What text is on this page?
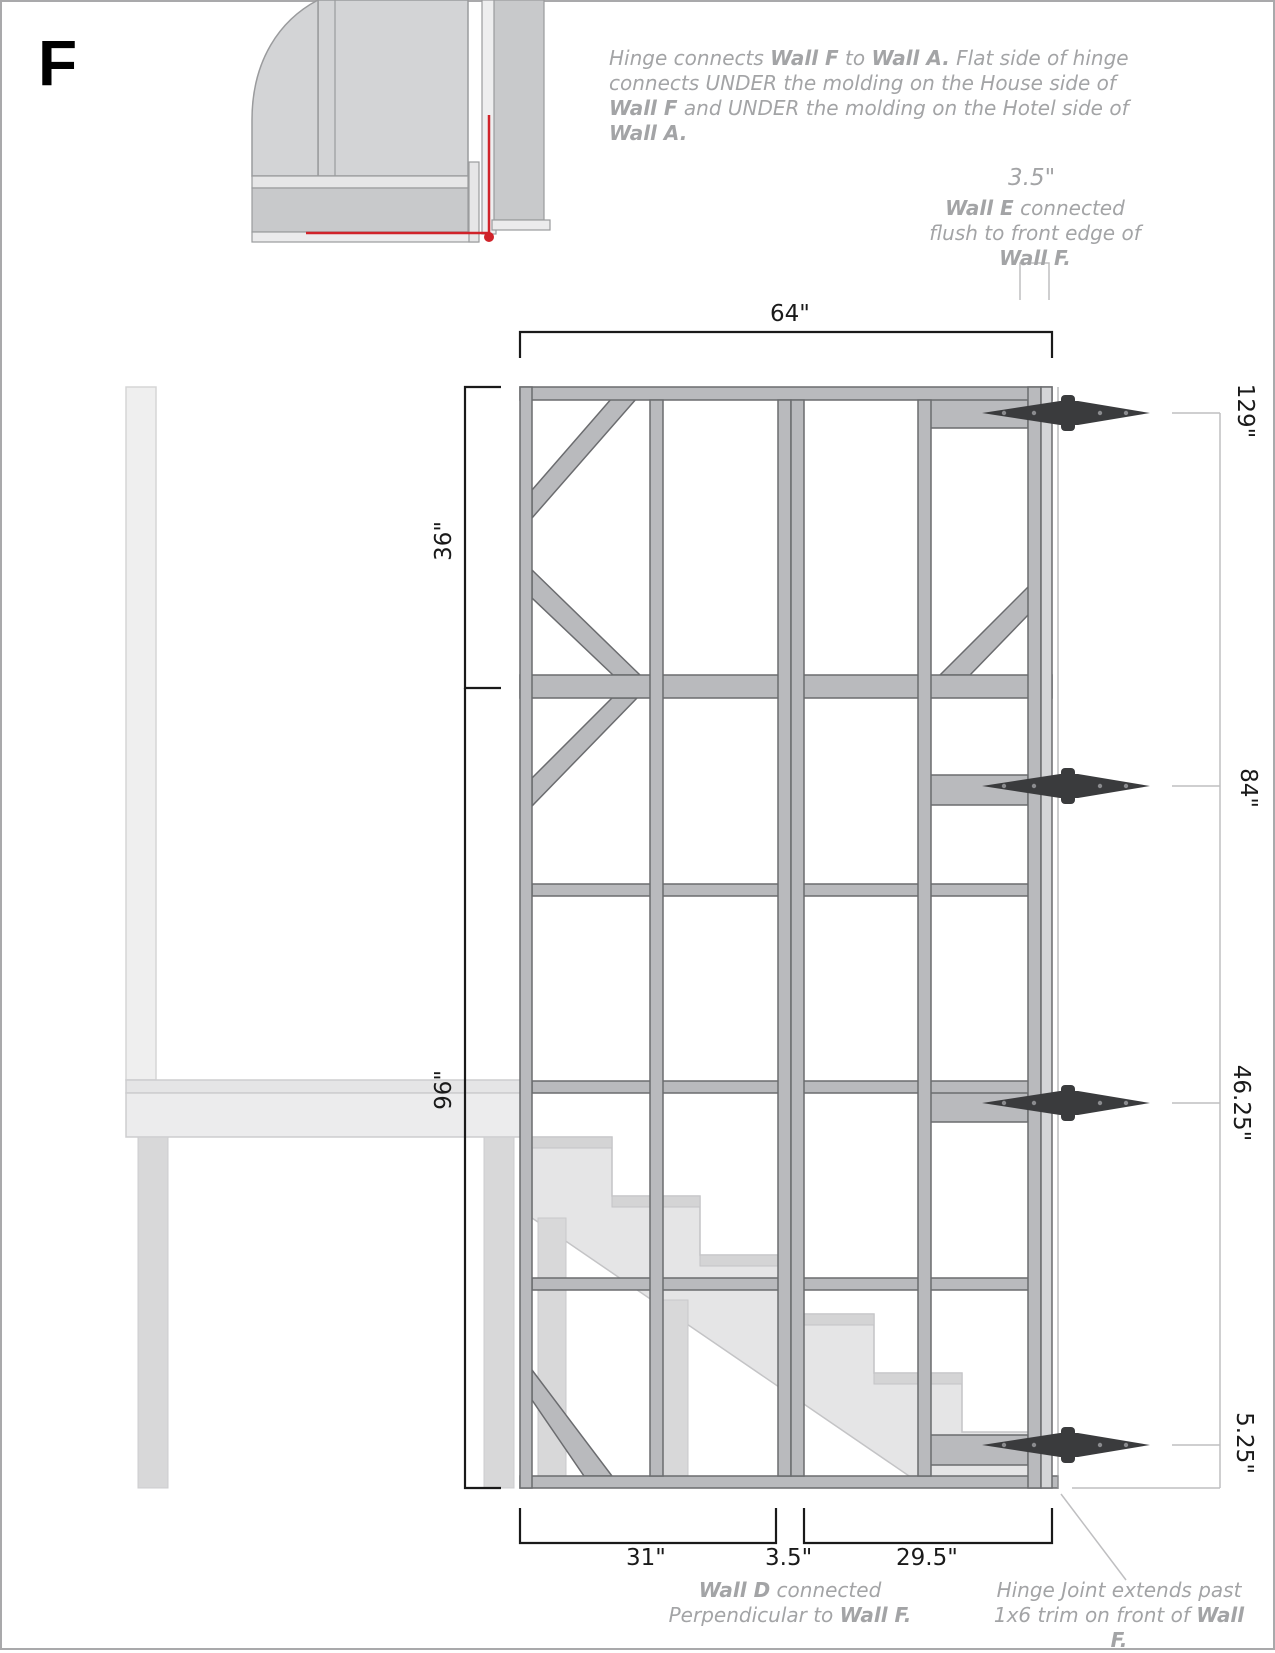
F	Hinge connects Wall F to Wall A. Flat side of hinge connects UNDER the molding on the House side of Wall F and UNDER the molding on the Hotel side of Wall A.
3.5"
Wall E connected flush to front edge of Wall F.
64"
36"
96"
31"	3.5"	29.5"
129"
84"
46.25"
5.25"
Wall D connected Perpendicular to Wall F.
Hinge Joint extends past 1x6 trim on front of Wall F.
